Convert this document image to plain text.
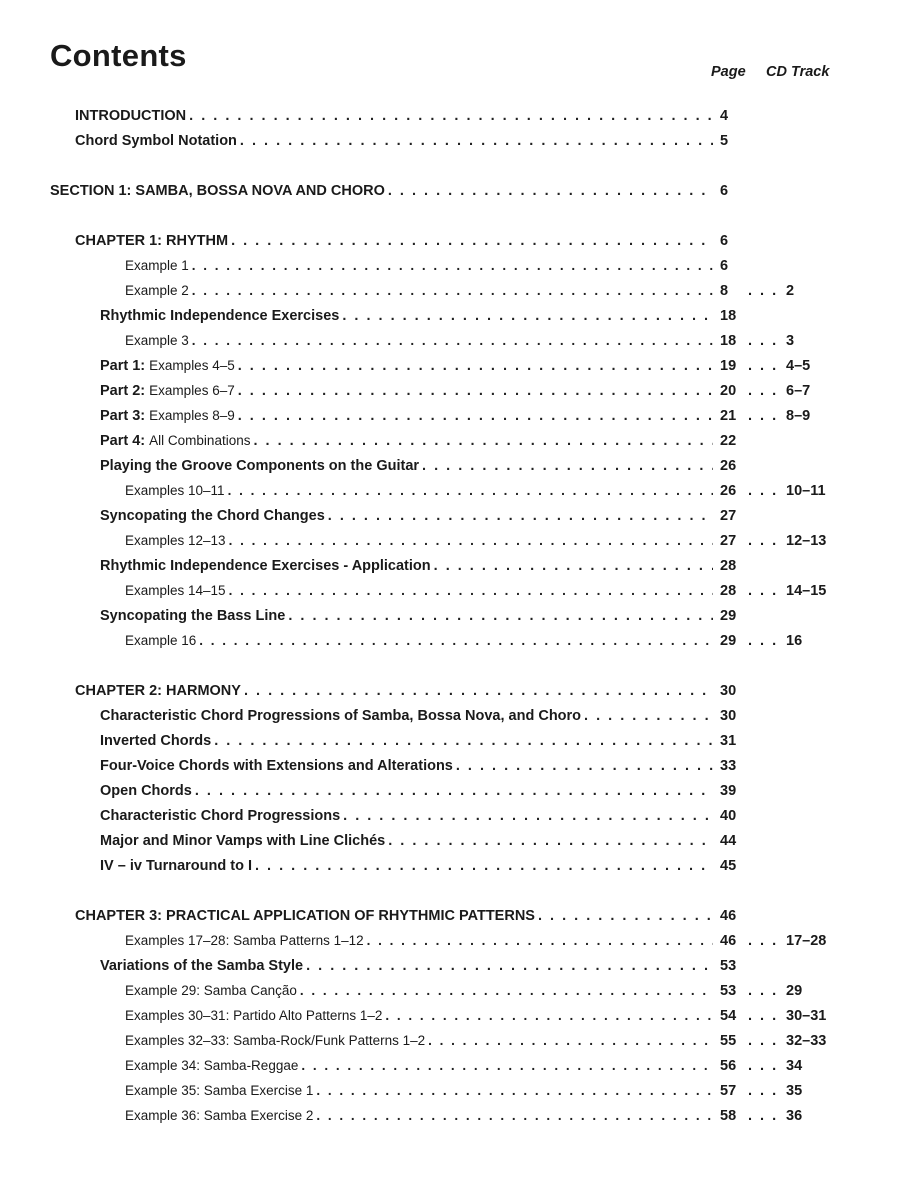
Contents	Page CD Track
INTRODUCTION . . .	4
Chord Symbol Notation . . .	5
SECTION 1: SAMBA, BOSSA NOVA AND CHORO . . .	6
CHAPTER 1: RHYTHM . . .	6
Example 1 . . .	6
Example 2 . . .	8	. . . 2
Rhythmic Independence Exercises . . .	18
Example 3 . . .	18 . . . 3
Part 1: Examples 4–5 . . .	19 . . . 4–5
Part 2: Examples 6–7 . . .	20 . . . 6–7
Part 3: Examples 8–9 . . .	21 . . . 8–9
Part 4: All Combinations . . .	22
Playing the Groove Components on the Guitar . . .	26
Examples 10–11 . . .	26 . . . 10–11
Syncopating the Chord Changes . . .	27
Examples 12–13 . . .	27 . . . 12–13
Rhythmic Independence Exercises - Application . . .	28
Examples 14–15 . . .	28 . . . 14–15
Syncopating the Bass Line . . .	29
Example 16 . . .	29 . . . 16
CHAPTER 2: HARMONY . . .	30
Characteristic Chord Progressions of Samba, Bossa Nova, and Choro . . .	30
Inverted Chords . . .	31
Four-Voice Chords with Extensions and Alterations . . .	33
Open Chords . . .	39
Characteristic Chord Progressions . . .	40
Major and Minor Vamps with Line Clichés . . .	44
IV – iv Turnaround to I . . .	45
CHAPTER 3: PRACTICAL APPLICATION OF RHYTHMIC PATTERNS . . .	46
Examples 17–28: Samba Patterns 1–12 . . .	46 . . . 17–28
Variations of the Samba Style . . .	53
Example 29: Samba Canção . . .	53 . . . 29
Examples 30–31: Partido Alto Patterns 1–2 . . .	54 . . . 30–31
Examples 32–33: Samba-Rock/Funk Patterns 1–2 . . .	55 . . . 32–33
Example 34: Samba-Reggae . . .	56 . . . 34
Example 35: Samba Exercise 1 . . .	57 . . . 35
Example 36: Samba Exercise 2 . . .	58 . . . 36
